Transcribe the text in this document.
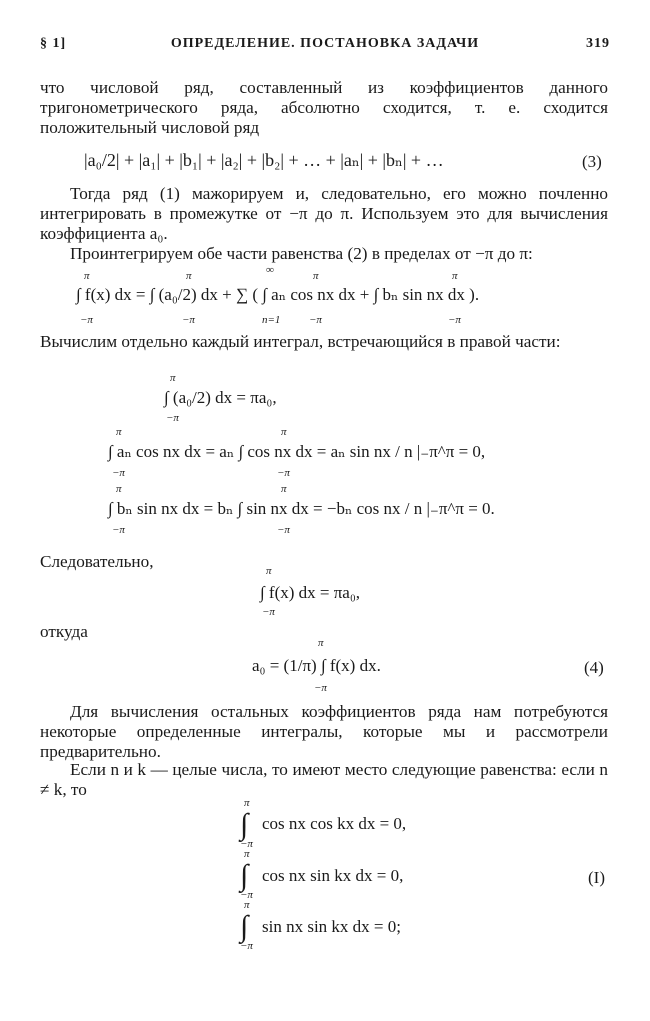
§ 1]	ОПРЕДЕЛЕНИЕ. ПОСТАНОВКА ЗАДАЧИ	319

что числовой ряд, составленный из коэффициентов данного тригонометрического ряда, абсолютно сходится, т. е. сходится положительный числовой ряд

|a₀/2| + |a₁| + |b₁| + |a₂| + |b₂| + … + |aₙ| + |bₙ| + …	(3)

Тогда ряд (1) мажорируем и, следовательно, его можно почленно интегрировать в промежутке от −π до π. Используем это для вычисления коэффициента a₀.

Проинтегрируем обе части равенства (2) в пределах от −π до π:

π
−π
π
−π
∞
n=1
π
−π
π
−π
∫ f(x) dx = ∫ (a₀/2) dx + ∑ ( ∫ aₙ cos nx dx + ∫ bₙ sin nx dx ).

Вычислим отдельно каждый интеграл, встречающийся в правой части:

π
−π
∫ (a₀/2) dx = πa₀,
π
−π
π
−π
∫ aₙ cos nx dx = aₙ ∫ cos nx dx = aₙ sin nx / n |₋π^π = 0,
π
−π
π
−π
∫ bₙ sin nx dx = bₙ ∫ sin nx dx = −bₙ cos nx / n |₋π^π = 0.
Следовательно,	π
−π
∫ f(x) dx = πa₀,
откуда
π
−π
a₀ = (1/π) ∫ f(x) dx.	(4)

Для вычисления остальных коэффициентов ряда нам потребуются некоторые определенные интегралы, которые мы и рассмотрели предварительно.

Если n и k — целые числа, то имеют место следующие равенства: если n ≠ k, то

π
∫
−π
cos nx cos kx dx = 0,
π
∫
−π
cos nx sin kx dx = 0,
π
∫
−π
sin nx sin kx dx = 0;
(I)
